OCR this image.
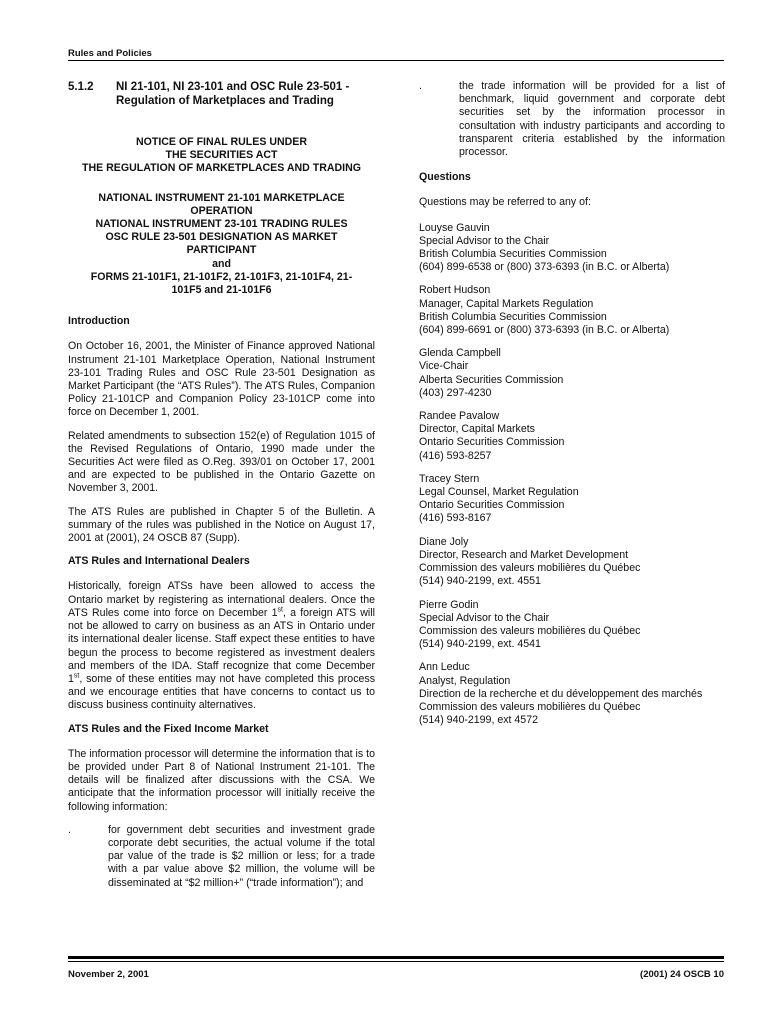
Rules and Policies
5.1.2	NI 21-101, NI 23-101 and OSC Rule 23-501 -
Regulation of Marketplaces and Trading
NOTICE OF FINAL RULES UNDER
THE SECURITIES ACT
THE REGULATION OF MARKETPLACES AND TRADING
NATIONAL INSTRUMENT 21-101 MARKETPLACE
OPERATION
NATIONAL INSTRUMENT 23-101 TRADING RULES
OSC RULE 23-501 DESIGNATION AS MARKET
PARTICIPANT
and
FORMS 21-101F1, 21-101F2, 21-101F3, 21-101F4, 21-
101F5 and 21-101F6
Introduction

On October 16, 2001, the Minister of Finance approved National Instrument 21-101 Marketplace Operation, National Instrument 23-101 Trading Rules and OSC Rule 23-501 Designation as Market Participant (the “ATS Rules”). The ATS Rules, Companion Policy 21-101CP and Companion Policy 23-101CP come into force on December 1, 2001.

Related amendments to subsection 152(e) of Regulation 1015 of the Revised Regulations of Ontario, 1990 made under the Securities Act were filed as O.Reg. 393/01 on October 17, 2001 and are expected to be published in the Ontario Gazette on November 3, 2001.

The ATS Rules are published in Chapter 5 of the Bulletin. A summary of the rules was published in the Notice on August 17, 2001 at (2001), 24 OSCB 87 (Supp).

ATS Rules and International Dealers

Historically, foreign ATSs have been allowed to access the Ontario market by registering as international dealers. Once the ATS Rules come into force on December 1st, a foreign ATS will not be allowed to carry on business as an ATS in Ontario under its international dealer license. Staff expect these entities to have begun the process to become registered as investment dealers and members of the IDA. Staff recognize that come December 1st, some of these entities may not have completed this process and we encourage entities that have concerns to contact us to discuss business continuity alternatives.

ATS Rules and the Fixed Income Market

The information processor will determine the information that is to be provided under Part 8 of National Instrument 21-101. The details will be finalized after discussions with the CSA. We anticipate that the information processor will initially receive the following information:

.	for government debt securities and investment grade corporate debt securities, the actual volume if the total par value of the trade is $2 million or less; for a trade with a par value above $2 million, the volume will be disseminated at “$2 million+” (“trade information”); and
.	the trade information will be provided for a list of benchmark, liquid government and corporate debt securities set by the information processor in consultation with industry participants and according to transparent criteria established by the information processor.
Questions

Questions may be referred to any of:

Louyse Gauvin
Special Advisor to the Chair
British Columbia Securities Commission
(604) 899-6538 or (800) 373-6393 (in B.C. or Alberta)
Robert Hudson
Manager, Capital Markets Regulation
British Columbia Securities Commission
(604) 899-6691 or (800) 373-6393 (in B.C. or Alberta)
Glenda Campbell
Vice-Chair
Alberta Securities Commission
(403) 297-4230
Randee Pavalow
Director, Capital Markets
Ontario Securities Commission
(416) 593-8257
Tracey Stern
Legal Counsel, Market Regulation
Ontario Securities Commission
(416) 593-8167
Diane Joly
Director, Research and Market Development
Commission des valeurs mobilières du Québec
(514) 940-2199, ext. 4551
Pierre Godin
Special Advisor to the Chair
Commission des valeurs mobilières du Québec
(514) 940-2199, ext. 4541
Ann Leduc
Analyst, Regulation
Direction de la recherche et du développement des marchés
Commission des valeurs mobilières du Québec
(514) 940-2199, ext 4572
November 2, 2001	(2001) 24 OSCB 10
